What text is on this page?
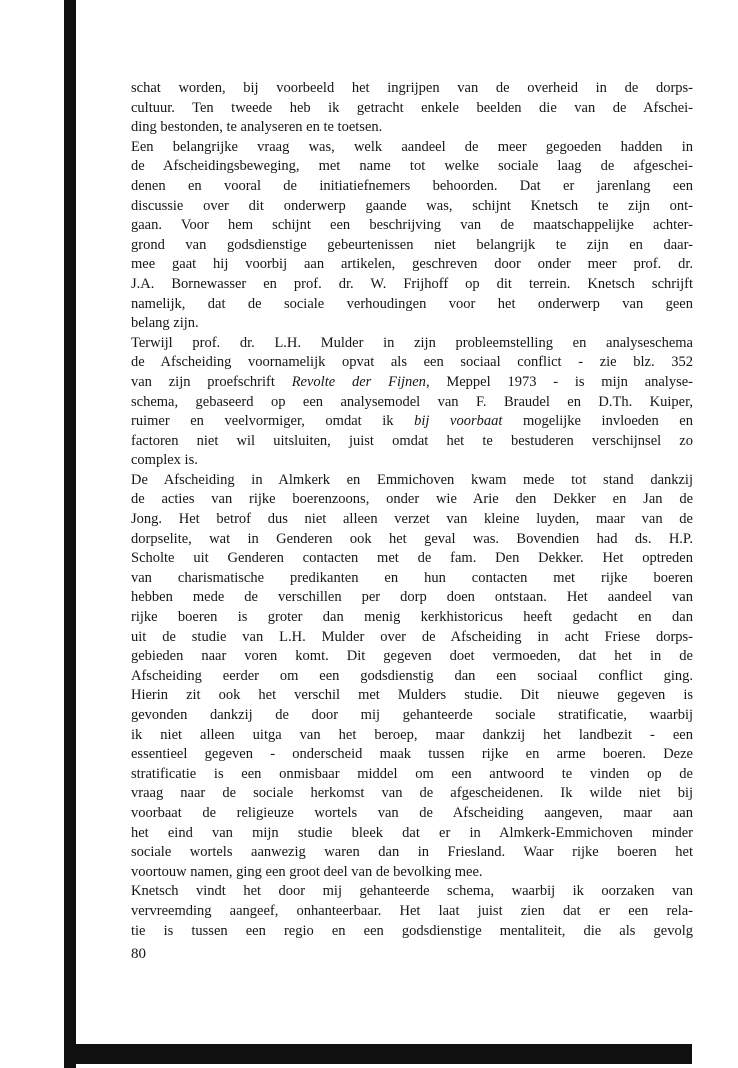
schat worden, bij voorbeeld het ingrijpen van de overheid in de dorps-
cultuur. Ten tweede heb ik getracht enkele beelden die van de Afschei-
ding bestonden, te analyseren en te toetsen.
Een belangrijke vraag was, welk aandeel de meer gegoeden hadden in
de Afscheidingsbeweging, met name tot welke sociale laag de afgeschei-
denen en vooral de initiatiefnemers behoorden. Dat er jarenlang een
discussie over dit onderwerp gaande was, schijnt Knetsch te zijn ont-
gaan. Voor hem schijnt een beschrijving van de maatschappelijke achter-
grond van godsdienstige gebeurtenissen niet belangrijk te zijn en daar-
mee gaat hij voorbij aan artikelen, geschreven door onder meer prof. dr.
J.A. Bornewasser en prof. dr. W. Frijhoff op dit terrein. Knetsch schrijft
namelijk, dat de sociale verhoudingen voor het onderwerp van geen
belang zijn.
Terwijl prof. dr. L.H. Mulder in zijn probleemstelling en analyseschema
de Afscheiding voornamelijk opvat als een sociaal conflict - zie blz. 352
van zijn proefschrift Revolte der Fijnen, Meppel 1973 - is mijn analyse-
schema, gebaseerd op een analysemodel van F. Braudel en D.Th. Kuiper,
ruimer en veelvormiger, omdat ik bij voorbaat mogelijke invloeden en
factoren niet wil uitsluiten, juist omdat het te bestuderen verschijnsel zo
complex is.
De Afscheiding in Almkerk en Emmichoven kwam mede tot stand dankzij
de acties van rijke boerenzoons, onder wie Arie den Dekker en Jan de
Jong. Het betrof dus niet alleen verzet van kleine luyden, maar van de
dorpselite, wat in Genderen ook het geval was. Bovendien had ds. H.P.
Scholte uit Genderen contacten met de fam. Den Dekker. Het optreden
van charismatische predikanten en hun contacten met rijke boeren
hebben mede de verschillen per dorp doen ontstaan. Het aandeel van
rijke boeren is groter dan menig kerkhistoricus heeft gedacht en dan
uit de studie van L.H. Mulder over de Afscheiding in acht Friese dorps-
gebieden naar voren komt. Dit gegeven doet vermoeden, dat het in de
Afscheiding eerder om een godsdienstig dan een sociaal conflict ging.
Hierin zit ook het verschil met Mulders studie. Dit nieuwe gegeven is
gevonden dankzij de door mij gehanteerde sociale stratificatie, waarbij
ik niet alleen uitga van het beroep, maar dankzij het landbezit - een
essentieel gegeven - onderscheid maak tussen rijke en arme boeren. Deze
stratificatie is een onmisbaar middel om een antwoord te vinden op de
vraag naar de sociale herkomst van de afgescheidenen. Ik wilde niet bij
voorbaat de religieuze wortels van de Afscheiding aangeven, maar aan
het eind van mijn studie bleek dat er in Almkerk-Emmichoven minder
sociale wortels aanwezig waren dan in Friesland. Waar rijke boeren het
voortouw namen, ging een groot deel van de bevolking mee.
Knetsch vindt het door mij gehanteerde schema, waarbij ik oorzaken van
vervreemding aangeef, onhanteerbaar. Het laat juist zien dat er een rela-
tie is tussen een regio en een godsdienstige mentaliteit, die als gevolg
80
